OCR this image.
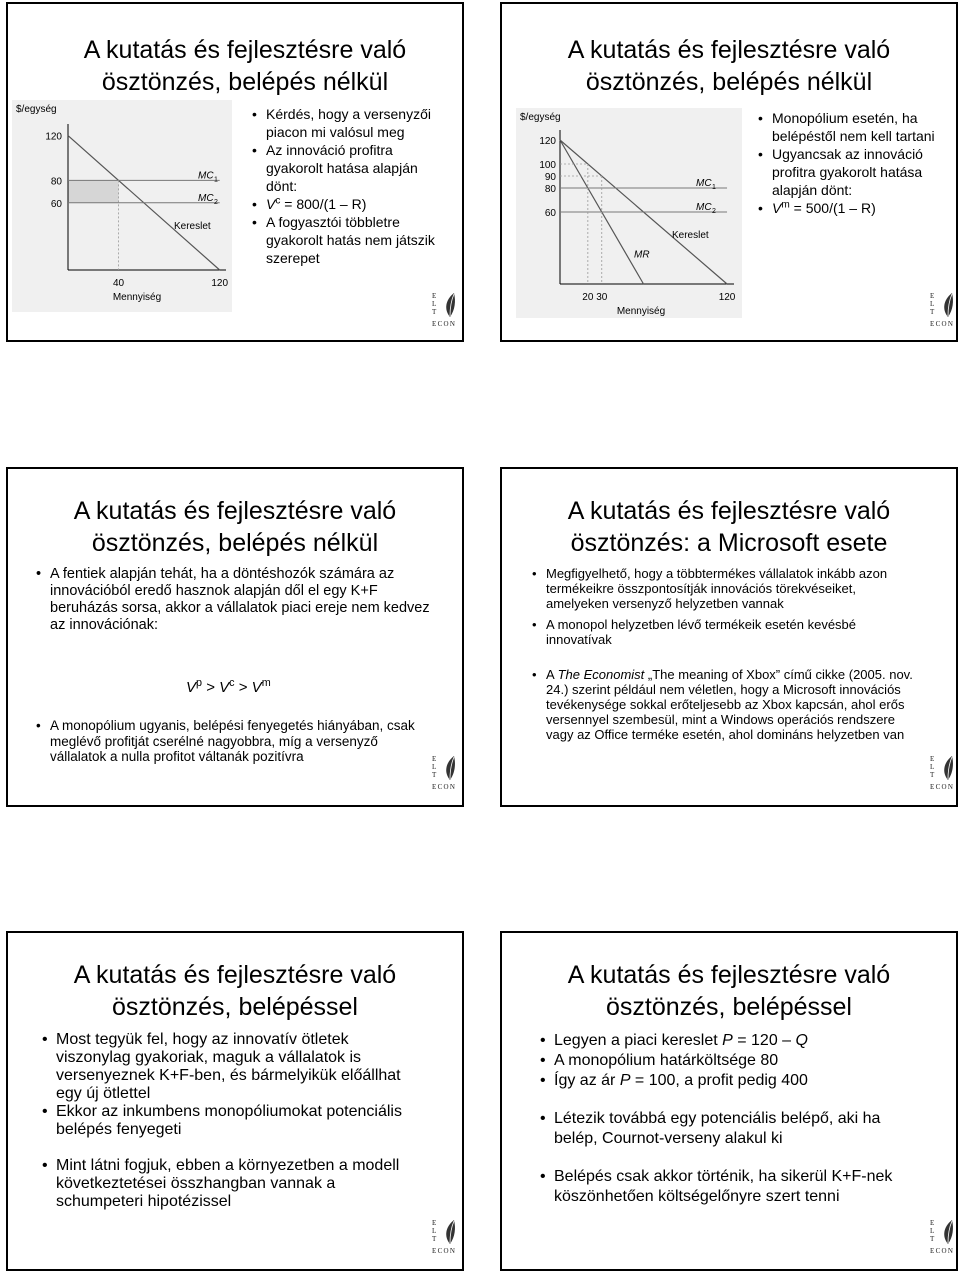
A kutatás és fejlesztésre való
ösztönzés, belépés nélkül
$/egység
120
80
60
40	120
Mennyiség
MC 1
MC 2
Kereslet
• Kérdés, hogy a versenyzői piacon mi valósul meg
• Az innováció profitra gyakorolt hatása alapján dönt:
• $V^c = 800/(1 - R)$
• A fogyasztói többletre gyakorolt hatás nem játszik szerepet
E
L
T
ECON
A kutatás és fejlesztésre való
ösztönzés, belépés nélkül
$/egység
120
100
90
80
60
20 30	120
Mennyiség
MC 1
MC 2
Kereslet
MR
• Monopólium esetén, ha belépéstől nem kell tartani
• Ugyancsak az innováció profitra gyakorolt hatása alapján dönt:
• $V^m = 500/(1 - R)$
E
L
T
ECON
A kutatás és fejlesztésre való
ösztönzés, belépés nélkül
• A fentiek alapján tehát, ha a döntéshozók számára az innovációból eredő hasznok alapján dől el egy K+F beruházás sorsa, akkor a vállalatok piaci ereje nem kedvez az innovációnak:
$V^p > V^c > V^m$
• A monopólium ugyanis, belépési fenyegetés hiányában, csak meglévő profitját cserélné nagyobbra, míg a versenyző vállalatok a nulla profitot váltanák pozitívra	E
L
T
ECON
A kutatás és fejlesztésre való
ösztönzés: a Microsoft esete
• Megfigyelhető, hogy a többtermékes vállalatok inkább azon termékeikre összpontosítják innovációs törekvéseiket, amelyeken versenyző helyzetben vannak
• A monopol helyzetben lévő termékeik esetén kevésbé innovatívak
• A The Economist „The meaning of Xbox” című cikke (2005. nov. 24.) szerint például nem véletlen, hogy a Microsoft innovációs tevékenysége sokkal erőteljesebb az Xbox kapcsán, ahol erős versennyel szembesül, mint a Windows operációs rendszere vagy az Office terméke esetén, ahol domináns helyzetben van
E
L
T
ECON
A kutatás és fejlesztésre való
ösztönzés, belépéssel
• Most tegyük fel, hogy az innovatív ötletek viszonylag gyakoriak, maguk a vállalatok is versenyeznek K+F-ben, és bármelyikük előállhat egy új ötlettel
• Ekkor az inkumbens monopóliumokat potenciális belépés fenyegeti
• Mint látni fogjuk, ebben a környezetben a modell következtetései összhangban vannak a schumpeteri hipotézissel
E
L
T
ECON
A kutatás és fejlesztésre való
ösztönzés, belépéssel
• Legyen a piaci kereslet P = 120 – Q
• A monopólium határköltsége 80
• Így az ár P = 100, a profit pedig 400
• Létezik továbbá egy potenciális belépő, aki ha belép, Cournot-verseny alakul ki
• Belépés csak akkor történik, ha sikerül K+F-nek köszönhetően költségelőnyre szert tenni
E
L
T
ECON
